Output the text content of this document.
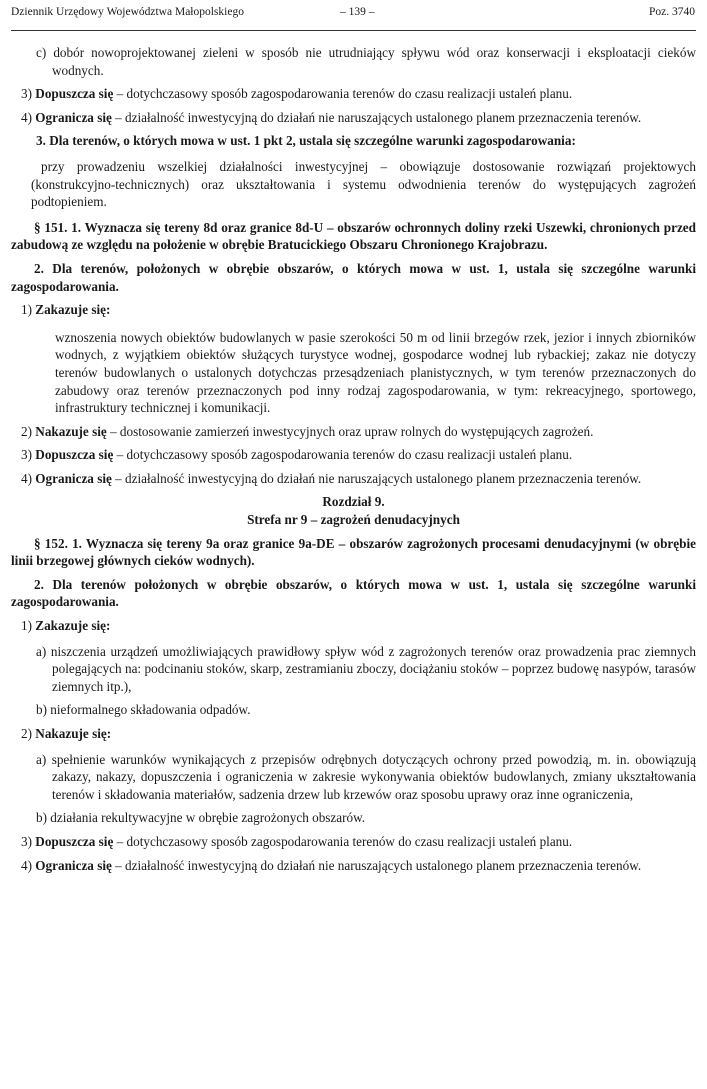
Dziennik Urzędowy Województwa Małopolskiego	– 139 –	Poz. 3740

c) dobór nowoprojektowanej zieleni w sposób nie utrudniający spływu wód oraz konserwacji i eksploatacji cieków wodnych.

3) Dopuszcza się – dotychczasowy sposób zagospodarowania terenów do czasu realizacji ustaleń planu.

4) Ogranicza się – działalność inwestycyjną do działań nie naruszających ustalonego planem przeznaczenia terenów.

3. Dla terenów, o których mowa w ust. 1 pkt 2, ustala się szczególne warunki zagospodarowania:

przy prowadzeniu wszelkiej działalności inwestycyjnej – obowiązuje dostosowanie rozwiązań projektowych (konstrukcyjno-technicznych) oraz ukształtowania i systemu odwodnienia terenów do występujących zagrożeń podtopieniem.

§ 151. 1. Wyznacza się tereny 8d oraz granice 8d-U – obszarów ochronnych doliny rzeki Uszewki, chronionych przed zabudową ze względu na położenie w obrębie Bratucickiego Obszaru Chronionego Krajobrazu.

2. Dla terenów, położonych w obrębie obszarów, o których mowa w ust. 1, ustala się szczególne warunki zagospodarowania.

1) Zakazuje się:

wznoszenia nowych obiektów budowlanych w pasie szerokości 50 m od linii brzegów rzek, jezior i innych zbiorników wodnych, z wyjątkiem obiektów służących turystyce wodnej, gospodarce wodnej lub rybackiej; zakaz nie dotyczy terenów budowlanych o ustalonych dotychczas przesądzeniach planistycznych, w tym terenów przeznaczonych do zabudowy oraz terenów przeznaczonych pod inny rodzaj zagospodarowania, w tym: rekreacyjnego, sportowego, infrastruktury technicznej i komunikacji.

2) Nakazuje się – dostosowanie zamierzeń inwestycyjnych oraz upraw rolnych do występujących zagrożeń.

3) Dopuszcza się – dotychczasowy sposób zagospodarowania terenów do czasu realizacji ustaleń planu.

4) Ogranicza się – działalność inwestycyjną do działań nie naruszających ustalonego planem przeznaczenia terenów.

Rozdział 9.

Strefa nr 9 – zagrożeń denudacyjnych

§ 152. 1. Wyznacza się tereny 9a oraz granice 9a-DE – obszarów zagrożonych procesami denudacyjnymi (w obrębie linii brzegowej głównych cieków wodnych).

2. Dla terenów położonych w obrębie obszarów, o których mowa w ust. 1, ustala się szczególne warunki zagospodarowania.

1) Zakazuje się:

a) niszczenia urządzeń umożliwiających prawidłowy spływ wód z zagrożonych terenów oraz prowadzenia prac ziemnych polegających na: podcinaniu stoków, skarp, zestramianiu zboczy, dociążaniu stoków – poprzez budowę nasypów, tarasów ziemnych itp.),

b) nieformalnego składowania odpadów.

2) Nakazuje się:

a) spełnienie warunków wynikających z przepisów odrębnych dotyczących ochrony przed powodzią, m. in. obowiązują zakazy, nakazy, dopuszczenia i ograniczenia w zakresie wykonywania obiektów budowlanych, zmiany ukształtowania terenów i składowania materiałów, sadzenia drzew lub krzewów oraz sposobu uprawy oraz inne ograniczenia,

b) działania rekultywacyjne w obrębie zagrożonych obszarów.

3) Dopuszcza się – dotychczasowy sposób zagospodarowania terenów do czasu realizacji ustaleń planu.

4) Ogranicza się – działalność inwestycyjną do działań nie naruszających ustalonego planem przeznaczenia terenów.
